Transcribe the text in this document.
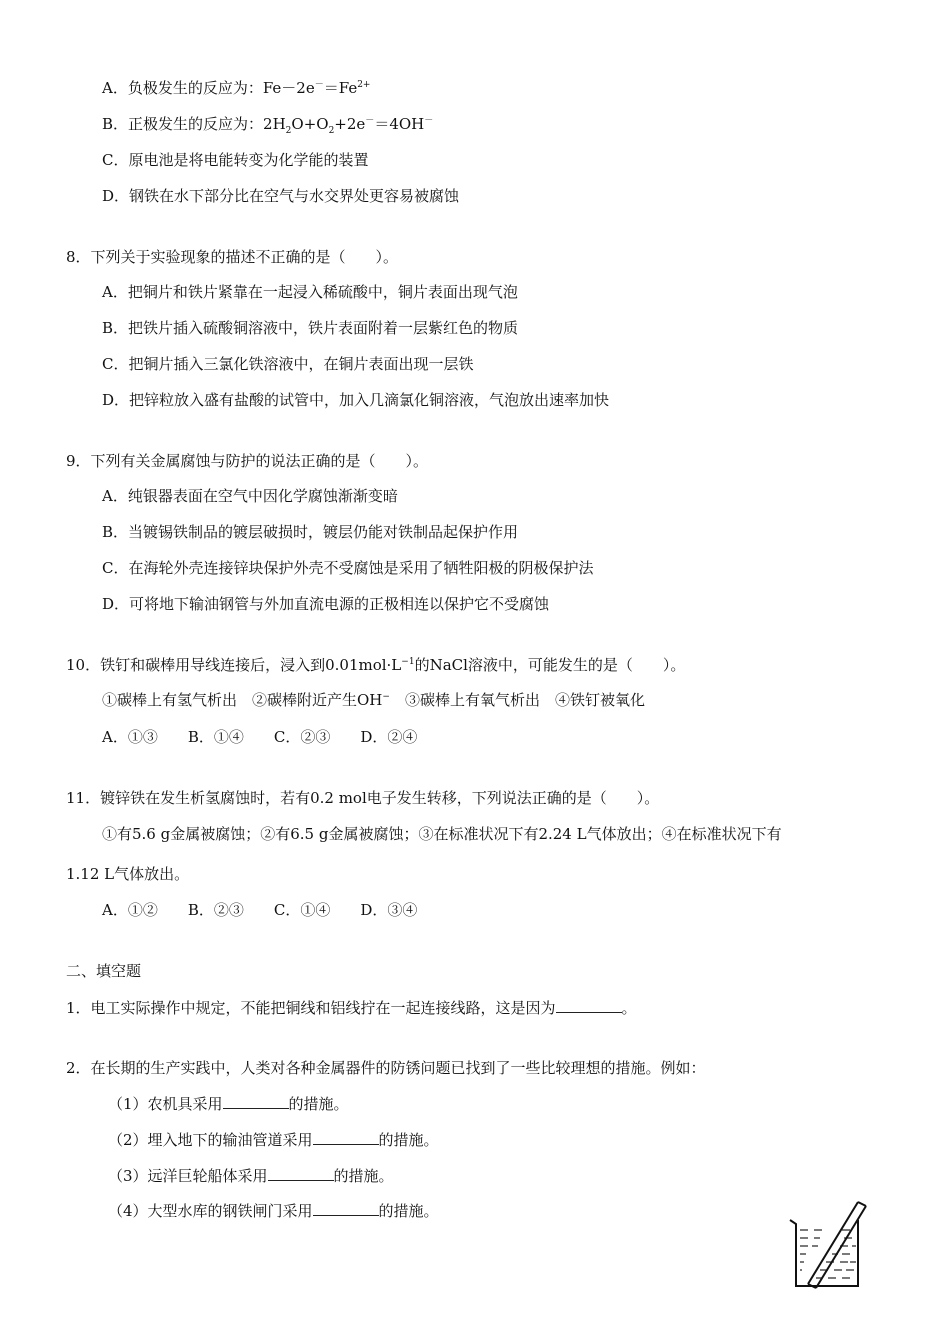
A．负极发生的反应为：$Fe-2e^-=Fe^{2+}$
B．正极发生的反应为：$2H_2O+O_2+2e^-=4OH^-$
C．原电池是将电能转变为化学能的装置
D．钢铁在水下部分比在空气与水交界处更容易被腐蚀
8．下列关于实验现象的描述不正确的是（　　）。
A．把铜片和铁片紧靠在一起浸入稀硫酸中，铜片表面出现气泡
B．把铁片插入硫酸铜溶液中，铁片表面附着一层紫红色的物质
C．把铜片插入三氯化铁溶液中，在铜片表面出现一层铁
D．把锌粒放入盛有盐酸的试管中，加入几滴氯化铜溶液，气泡放出速率加快
9．下列有关金属腐蚀与防护的说法正确的是（　　）。
A．纯银器表面在空气中因化学腐蚀渐渐变暗
B．当镀锡铁制品的镀层破损时，镀层仍能对铁制品起保护作用
C．在海轮外壳连接锌块保护外壳不受腐蚀是采用了牺牲阳极的阴极保护法
D．可将地下输油钢管与外加直流电源的正极相连以保护它不受腐蚀
10．铁钉和碳棒用导线连接后，浸入到$0.01mol\cdot L^{-1}$的NaCl溶液中，可能发生的是（　　）。
①碳棒上有氢气析出　②碳棒附近产生OH−　③碳棒上有氧气析出　④铁钉被氧化
A．①③　　B．①④　　C．②③　　D．②④
11．镀锌铁在发生析氢腐蚀时，若有0.2 mol电子发生转移，下列说法正确的是（　　）。
①有5.6 g金属被腐蚀；②有6.5 g金属被腐蚀；③在标准状况下有2.24 L气体放出；④在标准状况下有
1.12 L气体放出。
A．①②　　B．②③　　C．①④　　D．③④
二、填空题
1．电工实际操作中规定，不能把铜线和铝线拧在一起连接线路，这是因为	。
2．在长期的生产实践中，人类对各种金属器件的防锈问题已找到了一些比较理想的措施。例如：
（1）农机具采用	的措施。
（2）埋入地下的输油管道采用	的措施。
（3）远洋巨轮船体采用	的措施。
（4）大型水库的钢铁闸门采用	的措施。
